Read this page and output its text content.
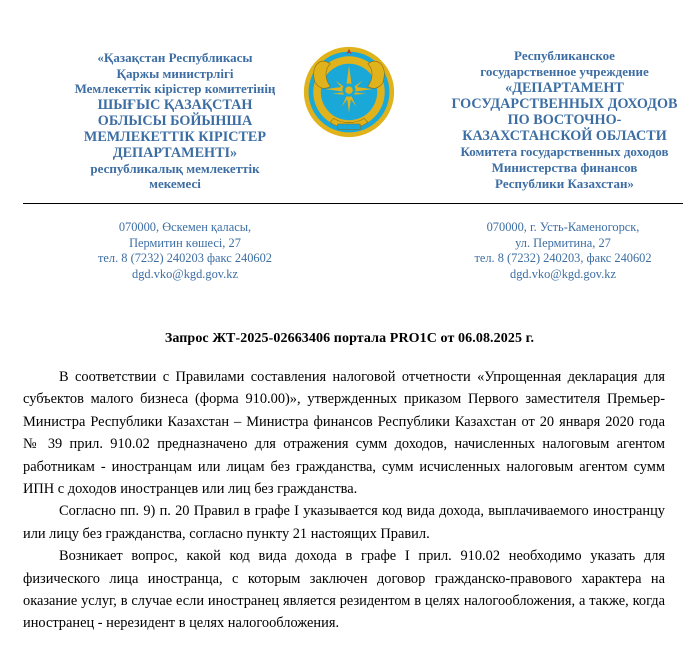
«Қазақстан Республикасы
Қаржы министрлігі
Мемлекеттік кірістер комитетінің
ШЫҒЫС ҚАЗАҚСТАН
ОБЛЫСЫ БОЙЫНША
МЕМЛЕКЕТТІК КІРІСТЕР
ДЕПАРТАМЕНТІ»
республикалық мемлекеттік
мекемесі
Республиканское
государственное учреждение
«ДЕПАРТАМЕНТ
ГОСУДАРСТВЕННЫХ ДОХОДОВ
ПО ВОСТОЧНО-
КАЗАХСТАНСКОЙ ОБЛАСТИ
Комитета государственных доходов
Министерства финансов
Республики Казахстан»
070000, Өскемен қаласы,
Пермитин көшесі, 27
тел. 8 (7232) 240203 факс 240602
dgd.vko@kgd.gov.kz
070000, г. Усть-Каменогорск,
ул. Пермитина, 27
тел. 8 (7232) 240203, факс 240602
dgd.vko@kgd.gov.kz
Запрос ЖТ-2025-02663406 портала PRO1C от 06.08.2025 г.

В соответствии с Правилами составления налоговой отчетности «Упрощенная декларация для субъектов малого бизнеса (форма 910.00)», утвержденных приказом Первого заместителя Премьер-Министра Республики Казахстан – Министра финансов Республики Казахстан от 20 января 2020 года № 39 прил. 910.02 предназначено для отражения сумм доходов, начисленных налоговым агентом работникам - иностранцам или лицам без гражданства, сумм исчисленных налоговым агентом сумм ИПН с доходов иностранцев или лиц без гражданства.

Согласно пп. 9) п. 20 Правил в графе I указывается код вида дохода, выплачиваемого иностранцу или лицу без гражданства, согласно пункту 21 настоящих Правил.

Возникает вопрос, какой код вида дохода в графе I прил. 910.02 необходимо указать для физического лица иностранца, с которым заключен договор гражданско-правового характера на оказание услуг, в случае если иностранец является резидентом в целях налогообложения, а также, когда иностранец - нерезидент в целях налогообложения.
